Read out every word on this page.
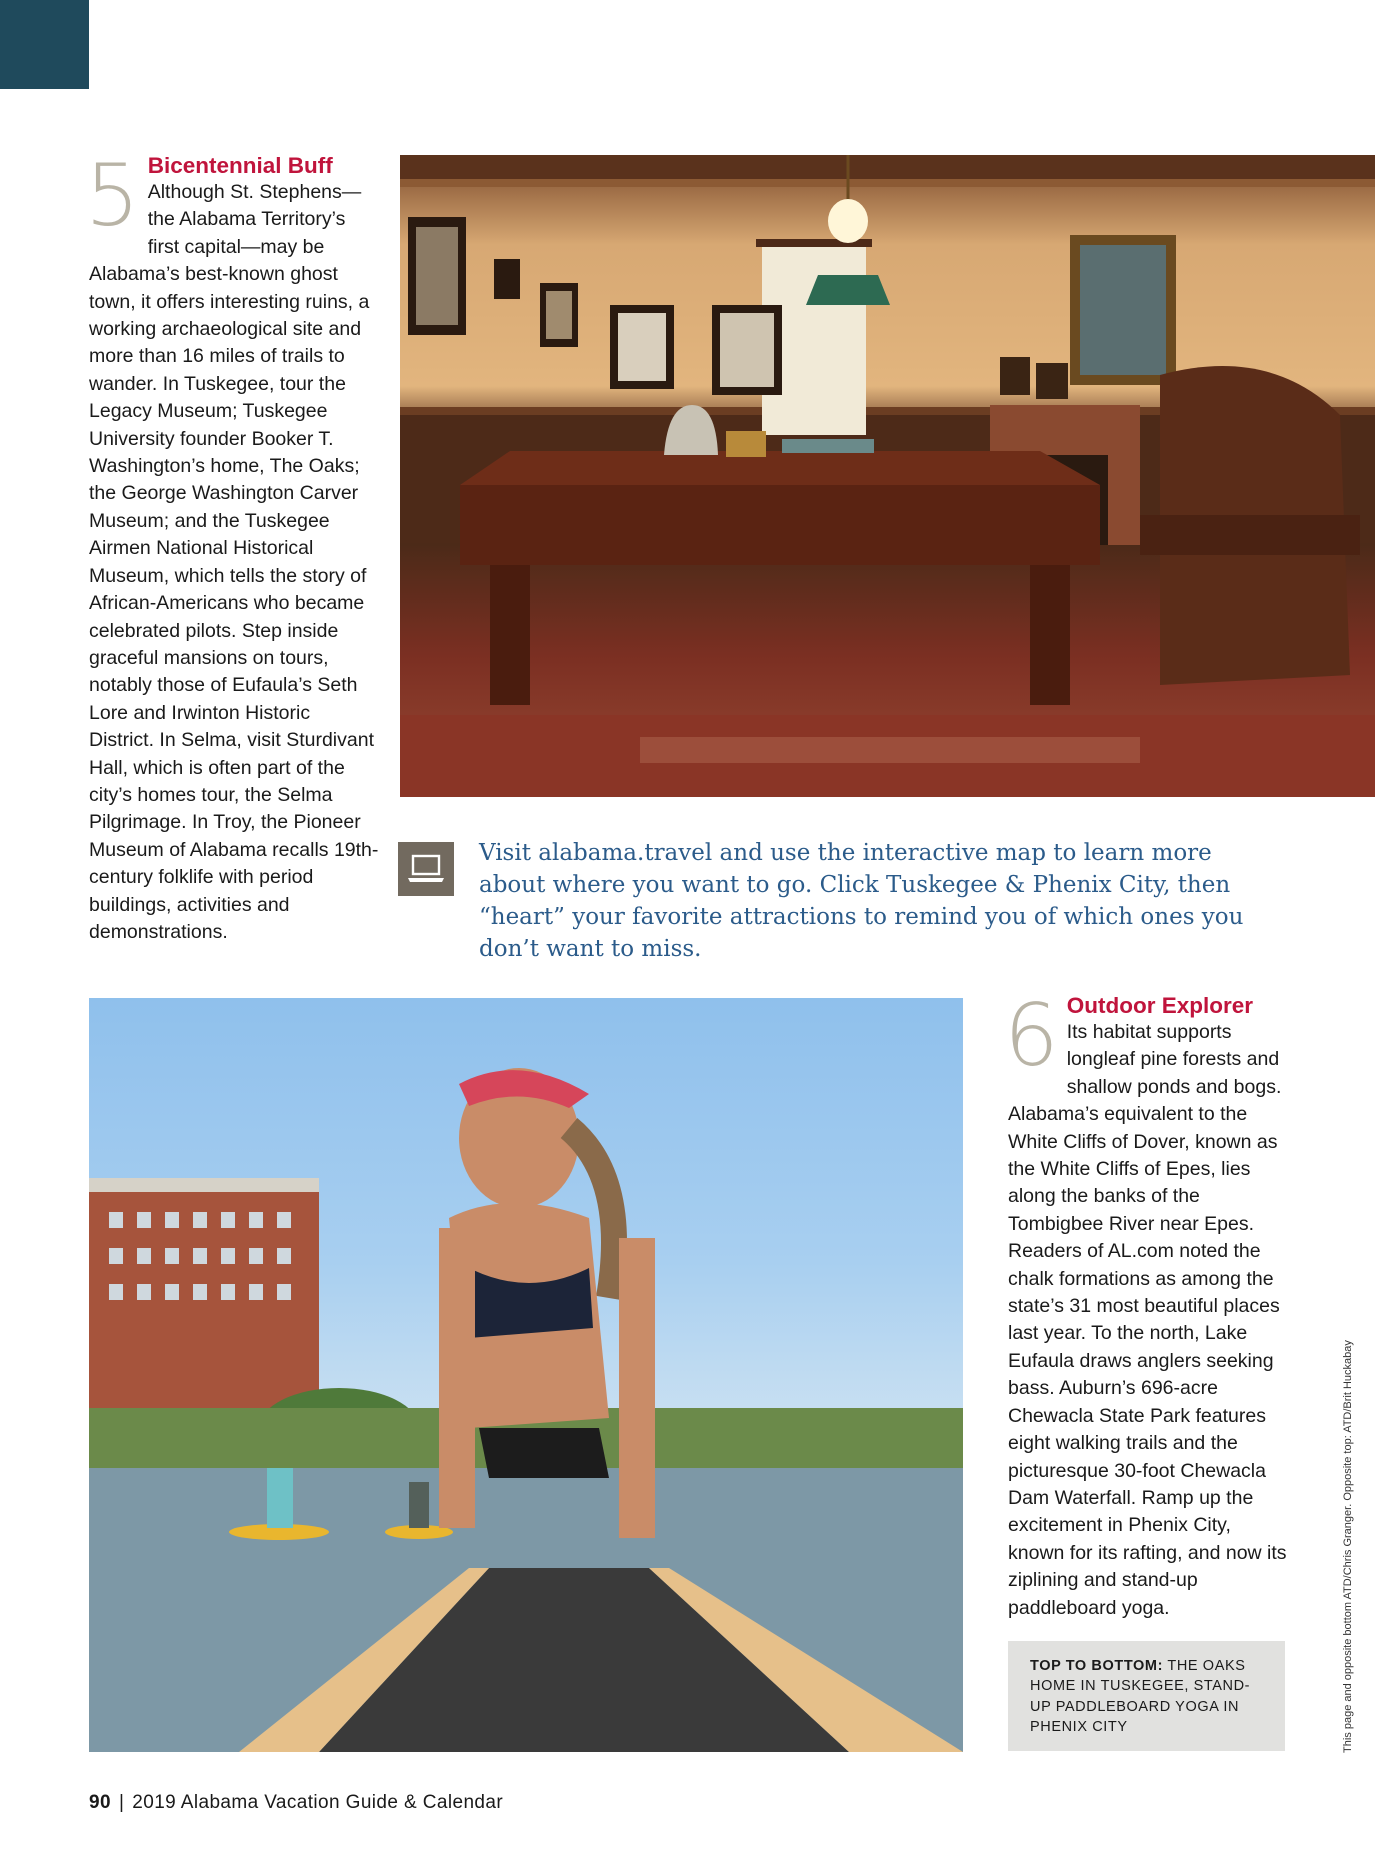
5 Bicentennial Buff
Although St. Stephens—the Alabama Territory’s first capital—may be Alabama’s best-known ghost town, it offers interesting ruins, a working archaeological site and more than 16 miles of trails to wander. In Tuskegee, tour the Legacy Museum; Tuskegee University founder Booker T. Washington’s home, The Oaks; the George Washington Carver Museum; and the Tuskegee Airmen National Historical Museum, which tells the story of African-Americans who became celebrated pilots. Step inside graceful mansions on tours, notably those of Eufaula’s Seth Lore and Irwinton Historic District. In Selma, visit Sturdivant Hall, which is often part of the city’s homes tour, the Selma Pilgrimage. In Troy, the Pioneer Museum of Alabama recalls 19th-century folklife with period buildings, activities and demonstrations.
Visit alabama.travel and use the interactive map to learn more about where you want to go. Click Tuskegee & Phenix City, then “heart” your favorite attractions to remind you of which ones you don’t want to miss.
6 Outdoor Explorer
Its habitat supports longleaf pine forests and shallow ponds and bogs. Alabama’s equivalent to the White Cliffs of Dover, known as the White Cliffs of Epes, lies along the banks of the Tombigbee River near Epes. Readers of AL.com noted the chalk formations as among the state’s 31 most beautiful places last year. To the north, Lake Eufaula draws anglers seeking bass. Auburn’s 696-acre Chewacla State Park features eight walking trails and the picturesque 30-foot Chewacla Dam Waterfall. Ramp up the excitement in Phenix City, known for its rafting, and now its ziplining and stand-up paddleboard yoga.
TOP TO BOTTOM: THE OAKS HOME IN TUSKEGEE, STAND-UP PADDLEBOARD YOGA IN PHENIX CITY	This page and opposite bottom ATD/Chris Granger. Opposite top: ATD/Brit Huckabay
90 | 2019 Alabama Vacation Guide & Calendar
